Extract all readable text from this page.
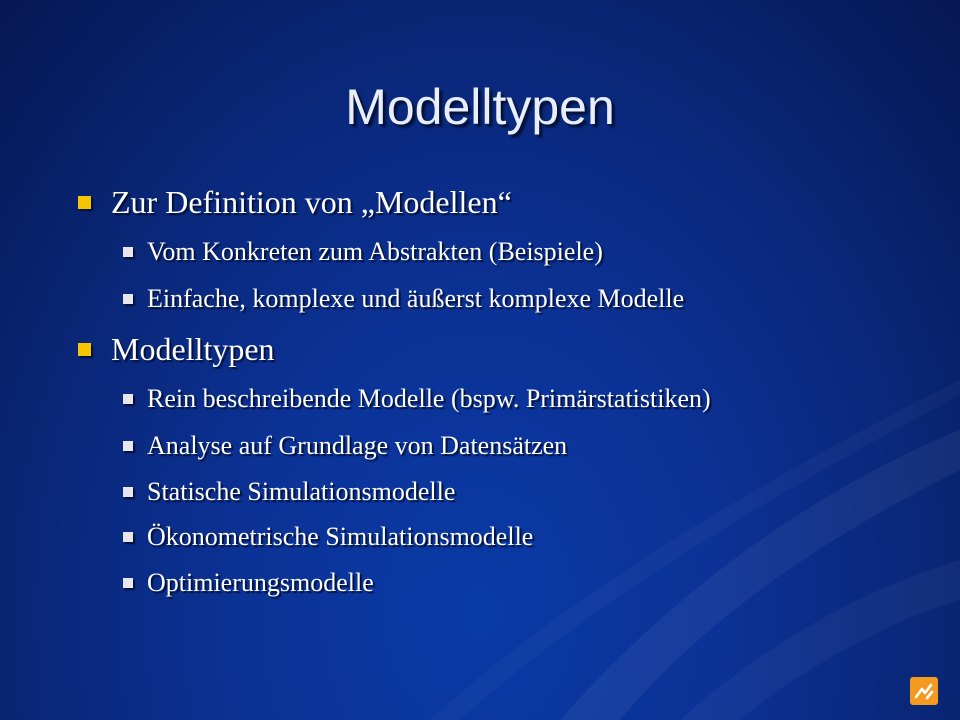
Modelltypen
Zur Definition von „Modellen“
Vom Konkreten zum Abstrakten (Beispiele)
Einfache, komplexe und äußerst komplexe Modelle
Modelltypen
Rein beschreibende Modelle (bspw. Primärstatistiken)
Analyse auf Grundlage von Datensätzen
Statische Simulationsmodelle
Ökonometrische Simulationsmodelle
Optimierungsmodelle
